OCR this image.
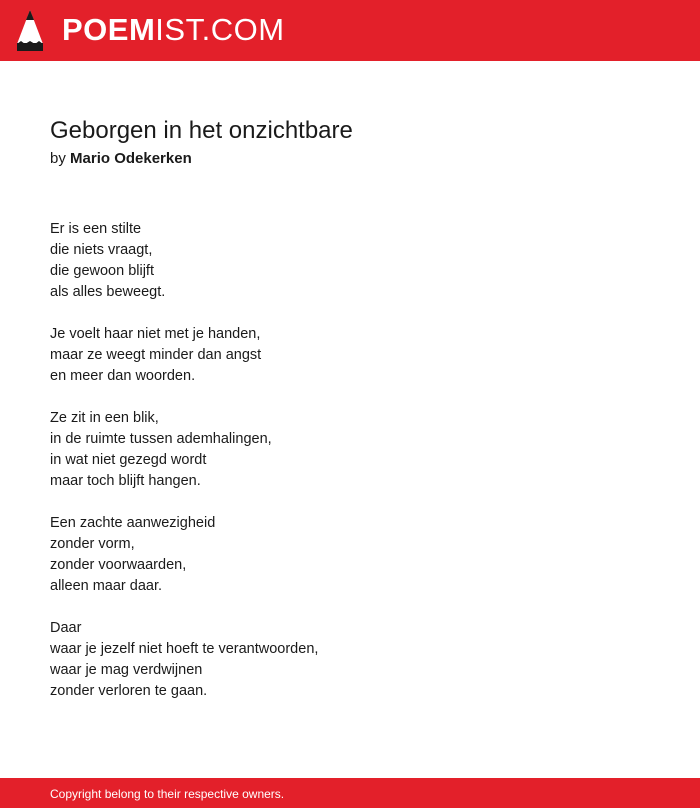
POEMIST.COM
Geborgen in het onzichtbare
by Mario Odekerken
Er is een stilte
die niets vraagt,
die gewoon blijft
als alles beweegt.
Je voelt haar niet met je handen,
maar ze weegt minder dan angst
en meer dan woorden.
Ze zit in een blik,
in de ruimte tussen ademhalingen,
in wat niet gezegd wordt
maar toch blijft hangen.
Een zachte aanwezigheid
zonder vorm,
zonder voorwaarden,
alleen maar daar.
Daar
waar je jezelf niet hoeft te verantwoorden,
waar je mag verdwijnen
zonder verloren te gaan.
Copyright belong to their respective owners.
